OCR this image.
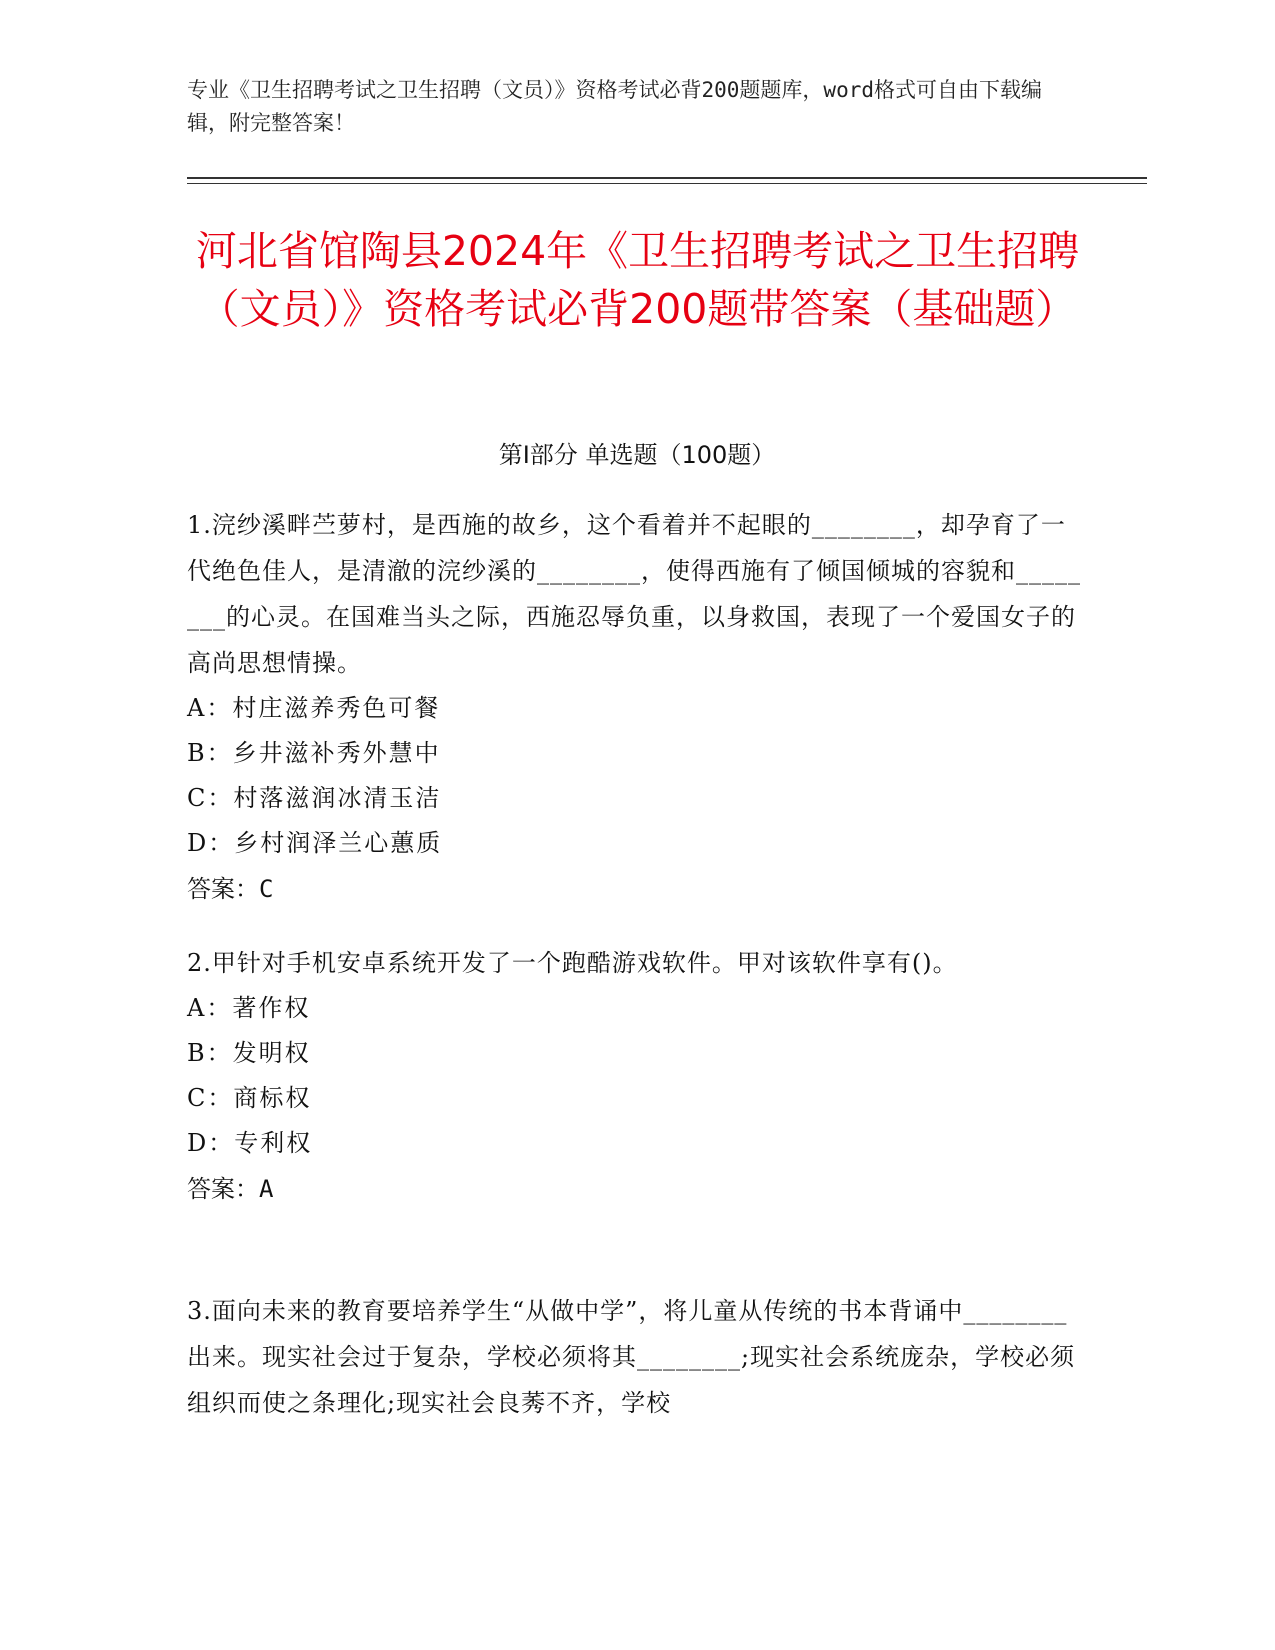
专业《卫生招聘考试之卫生招聘（文员）》资格考试必背200题题库，word格式可自由下载编辑，附完整答案！
河北省馆陶县2024年《卫生招聘考试之卫生招聘（文员）》资格考试必背200题带答案（基础题）
第Ⅰ部分 单选题（100题）

1.浣纱溪畔苎萝村，是西施的故乡，这个看着并不起眼的________，却孕育了一代绝色佳人，是清澈的浣纱溪的________，使得西施有了倾国倾城的容貌和________的心灵。在国难当头之际，西施忍辱负重，以身救国，表现了一个爱国女子的高尚思想情操。

A：村庄滋养秀色可餐

B：乡井滋补秀外慧中

C：村落滋润冰清玉洁

D：乡村润泽兰心蕙质

答案：C

2.甲针对手机安卓系统开发了一个跑酷游戏软件。甲对该软件享有()。

A：著作权

B：发明权

C：商标权

D：专利权

答案：A

3.面向未来的教育要培养学生“从做中学”，将儿童从传统的书本背诵中________出来。现实社会过于复杂，学校必须将其________;现实社会系统庞杂，学校必须组织而使之条理化;现实社会良莠不齐，学校
